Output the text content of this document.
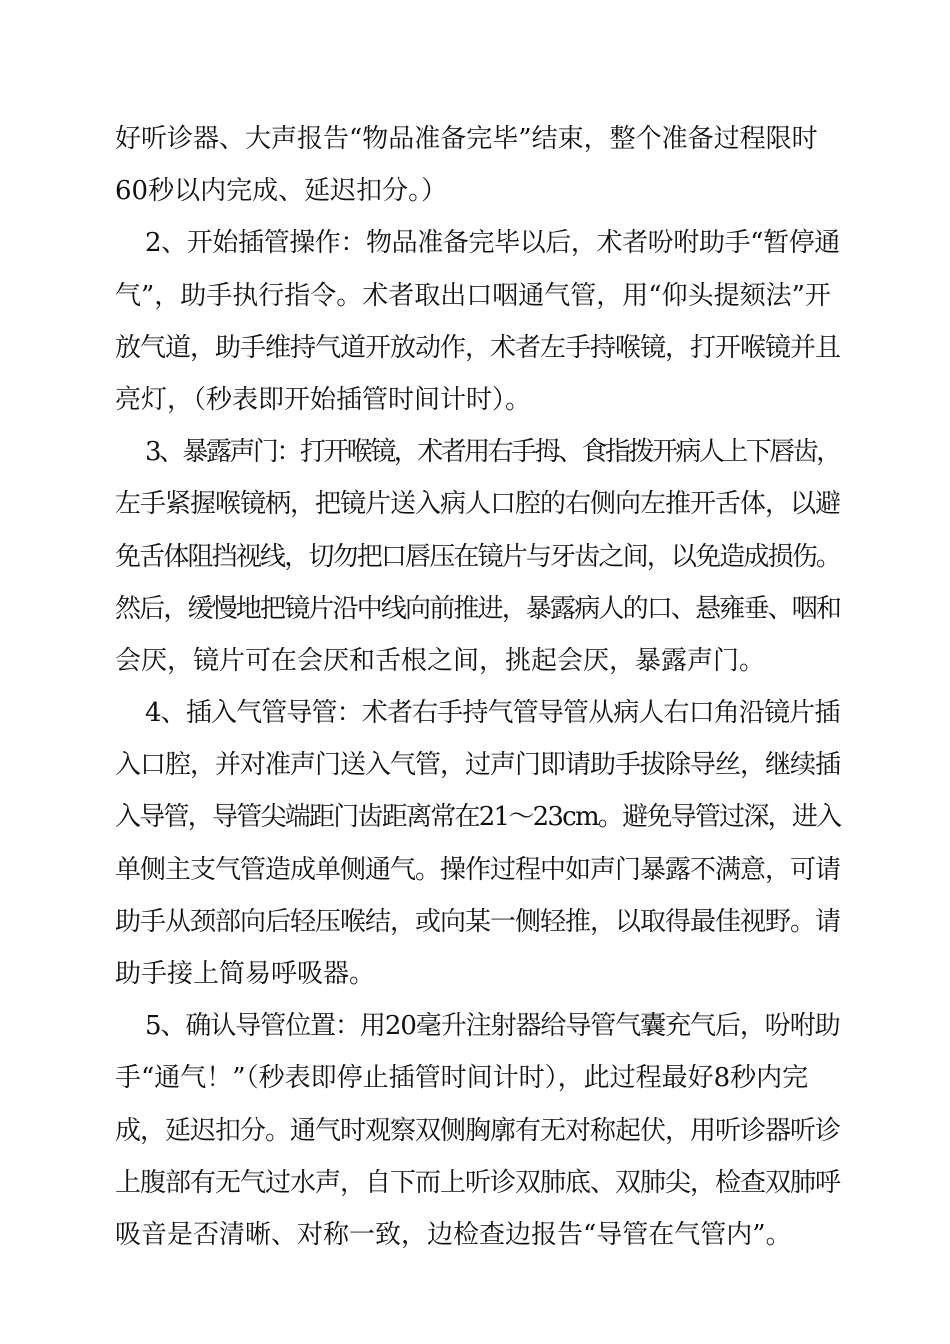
好听诊器、大声报告“物品准备完毕”结束，整个准备过程限时
60秒以内完成、延迟扣分。）
2、开始插管操作：物品准备完毕以后，术者吩咐助手“暂停通
气”，助手执行指令。术者取出口咽通气管，用“仰头提颏法”开
放气道，助手维持气道开放动作，术者左手持喉镜，打开喉镜并且
亮灯，（秒表即开始插管时间计时）。
3、暴露声门：打开喉镜，术者用右手拇、食指拨开病人上下唇齿，
左手紧握喉镜柄，把镜片送入病人口腔的右侧向左推开舌体，以避
免舌体阻挡视线，切勿把口唇压在镜片与牙齿之间，以免造成损伤。
然后，缓慢地把镜片沿中线向前推进，暴露病人的口、悬雍垂、咽和
会厌，镜片可在会厌和舌根之间，挑起会厌，暴露声门。
4、插入气管导管：术者右手持气管导管从病人右口角沿镜片插
入口腔，并对准声门送入气管，过声门即请助手拔除导丝，继续插
入导管，导管尖端距门齿距离常在21～23cm。避免导管过深，进入
单侧主支气管造成单侧通气。操作过程中如声门暴露不满意，可请
助手从颈部向后轻压喉结，或向某一侧轻推，以取得最佳视野。请
助手接上简易呼吸器。
5、确认导管位置：用20毫升注射器给导管气囊充气后，吩咐助
手“通气！”（秒表即停止插管时间计时），此过程最好8秒内完
成，延迟扣分。通气时观察双侧胸廓有无对称起伏，用听诊器听诊
上腹部有无气过水声，自下而上听诊双肺底、双肺尖，检查双肺呼
吸音是否清晰、对称一致，边检查边报告“导管在气管内”。
